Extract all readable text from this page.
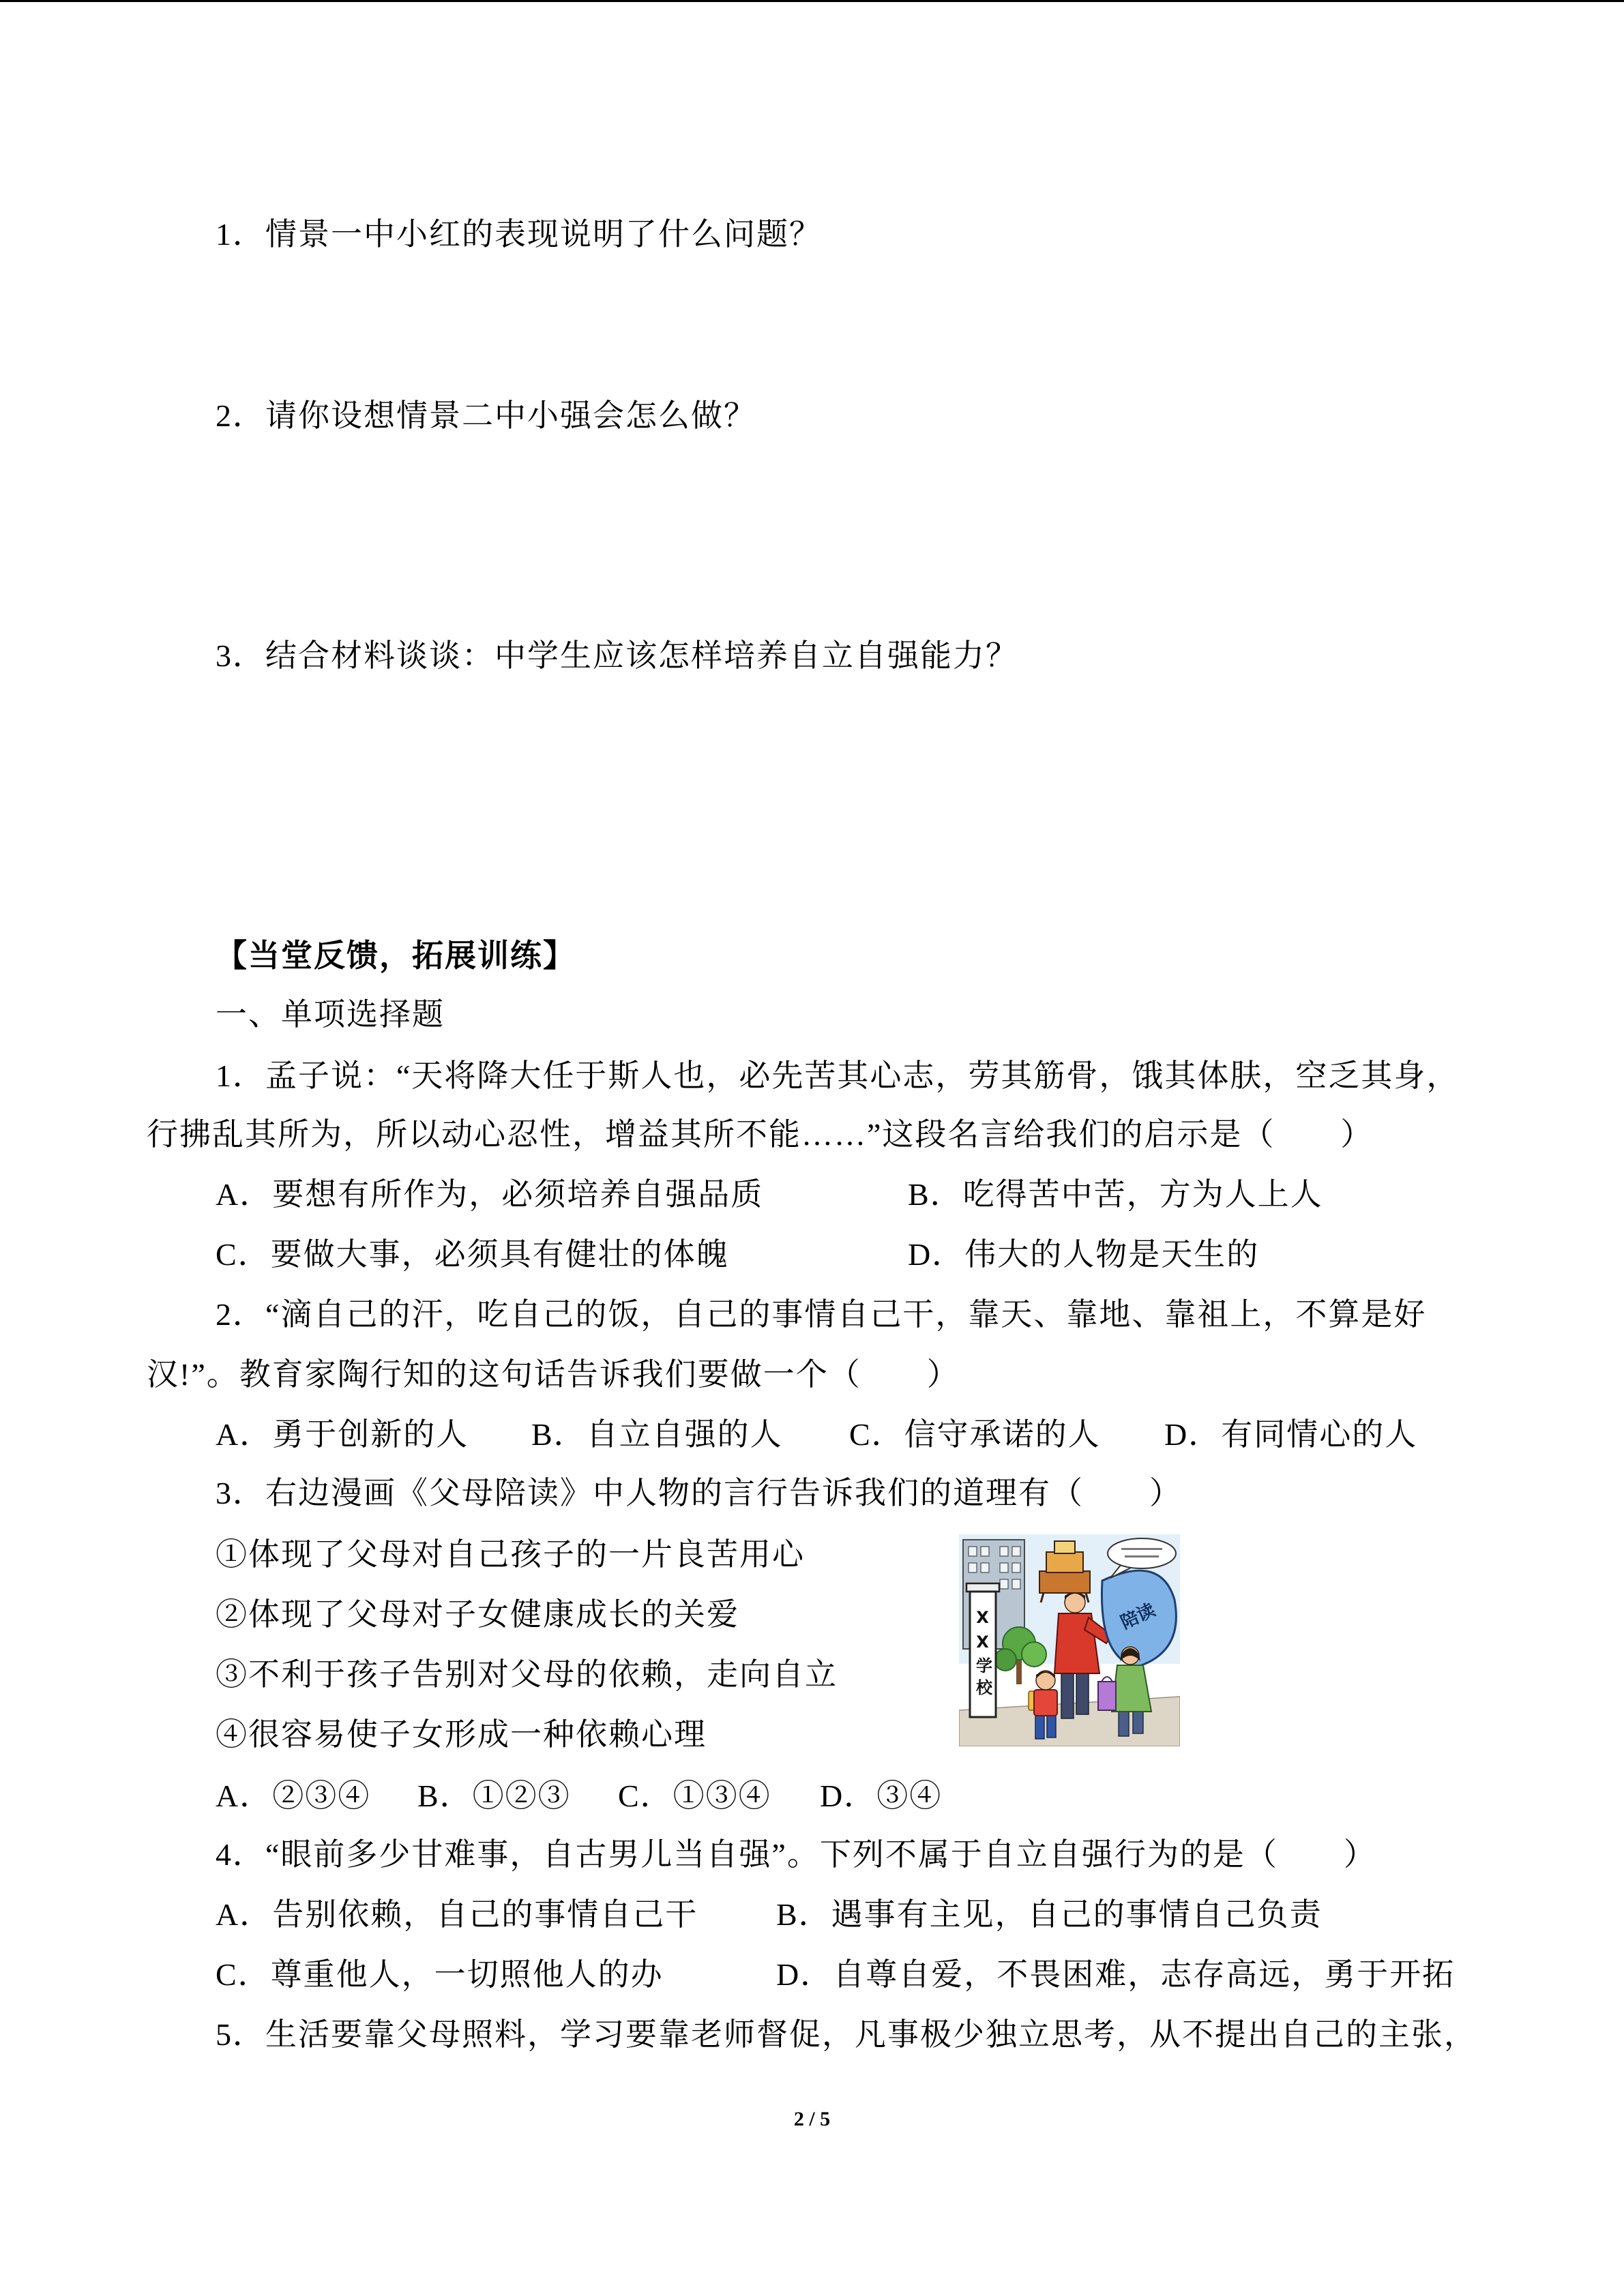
1．情景一中小红的表现说明了什么问题？
2．请你设想情景二中小强会怎么做？
3．结合材料谈谈：中学生应该怎样培养自立自强能力？
【当堂反馈，拓展训练】
一、单项选择题
1．孟子说：“天将降大任于斯人也，必先苦其心志，劳其筋骨，饿其体肤，空乏其身，
行拂乱其所为，所以动心忍性，增益其所不能……”这段名言给我们的启示是（　　）
A．要想有所作为，必须培养自强品质	B．吃得苦中苦，方为人上人
C．要做大事，必须具有健壮的体魄	D．伟大的人物是天生的
2．“滴自己的汗，吃自己的饭，自己的事情自己干，靠天、靠地、靠祖上，不算是好
汉!”。教育家陶行知的这句话告诉我们要做一个（　　）
A．勇于创新的人 B．自立自强的人 C．信守承诺的人 D．有同情心的人
3．右边漫画《父母陪读》中人物的言行告诉我们的道理有（　　）
①体现了父母对自己孩子的一片良苦用心
②体现了父母对子女健康成长的关爱
③不利于孩子告别对父母的依赖，走向自立
④很容易使子女形成一种依赖心理
A．②③④ B．①②③ C．①③④ D．③④
陪读
XX学校
4．“眼前多少甘难事，自古男儿当自强”。下列不属于自立自强行为的是（　　）
A．告别依赖，自己的事情自己干 B．遇事有主见，自己的事情自己负责
C．尊重他人，一切照他人的办	D．自尊自爱，不畏困难，志存高远，勇于开拓
5．生活要靠父母照料，学习要靠老师督促，凡事极少独立思考，从不提出自己的主张，
2 / 5
